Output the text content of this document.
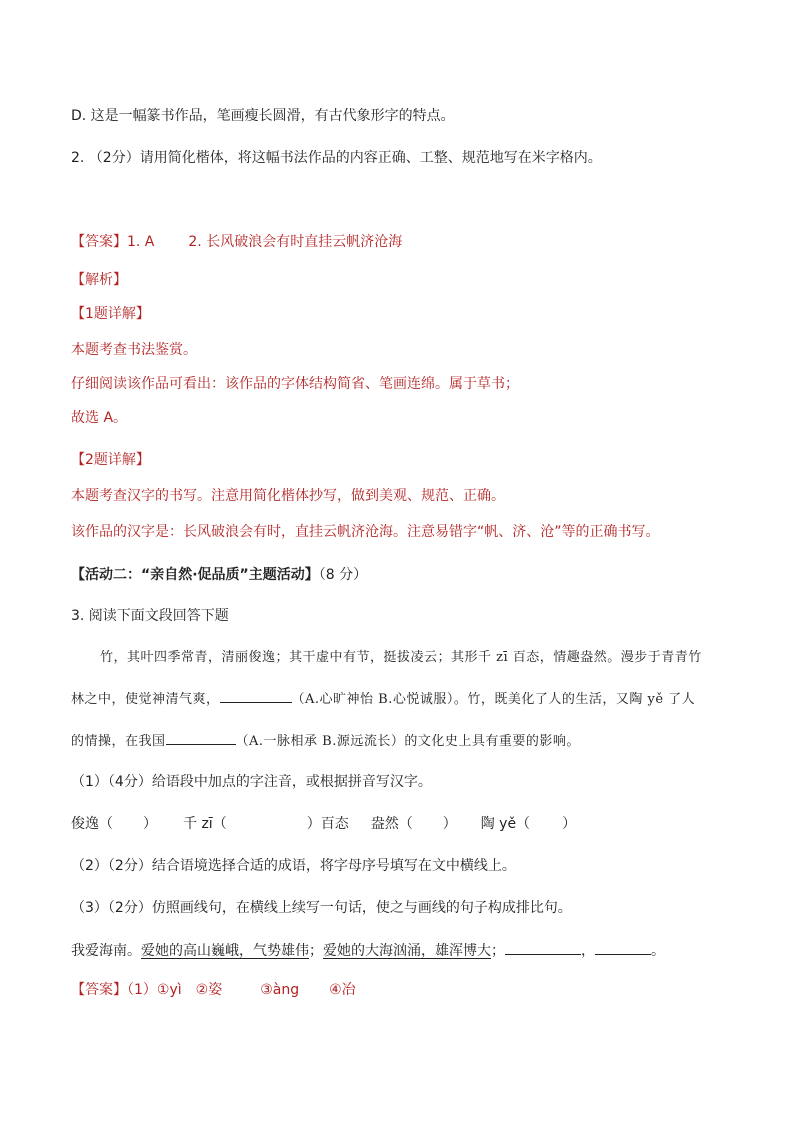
D. 这是一幅篆书作品，笔画瘦长圆滑，有古代象形字的特点。
2. （2分）请用简化楷体，将这幅书法作品的内容正确、工整、规范地写在米字格内。
【答案】1. A 2. 长风破浪会有时直挂云帆济沧海
【解析】
【1题详解】
本题考查书法鉴赏。
仔细阅读该作品可看出：该作品的字体结构简省、笔画连绵。属于草书；
故选 A。
【2题详解】
本题考查汉字的书写。注意用简化楷体抄写，做到美观、规范、正确。
该作品的汉字是：长风破浪会有时，直挂云帆济沧海。注意易错字“帆、济、沧”等的正确书写。
【活动二：“亲自然·促品质”主题活动】（8 分）
3. 阅读下面文段回答下题
竹，其叶四季常青，清丽俊逸；其干虚中有节，挺拔凌云；其形千 zī 百态，情趣盎然。漫步于青青竹
林之中，使觉神清气爽，	（A.心旷神怡 B.心悦诚服）。竹，既美化了人的生活，又陶 yě 了人
的情操，在我国	（A.一脉相承 B.源远流长）的文化史上具有重要的影响。
（1）（4分）给语段中加点的字注音，或根据拼音写汉字。
俊逸（ ） 千 zī（	）百态 盎然（ ） 陶 yě（ ）
（2）（2分）结合语境选择合适的成语，将字母序号填写在文中横线上。
（3）（2分）仿照画线句，在横线上续写一句话，使之与画线的句子构成排比句。
我爱海南。爱她的高山巍峨，气势雄伟；爱她的大海汹涌，雄浑博大；	，	。
【答案】（1）①yì ②姿	③àng ④冶
